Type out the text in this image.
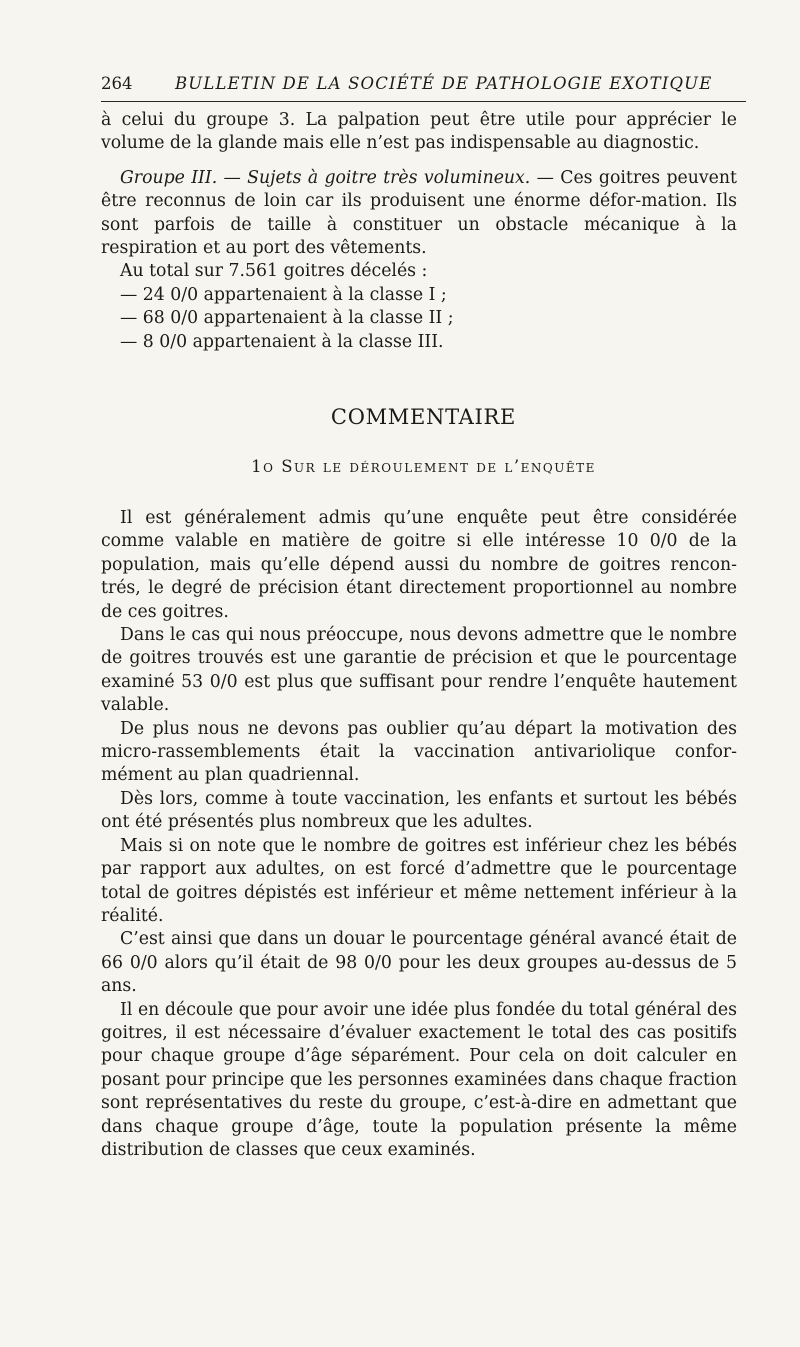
264	BULLETIN DE LA SOCIÉTÉ DE PATHOLOGIE EXOTIQUE

à celui du groupe 3. La palpation peut être utile pour apprécier le volume de la glande mais elle n’est pas indispensable au diagnostic.

Groupe III. — Sujets à goitre très volumineux. — Ces goitres peuvent être reconnus de loin car ils produisent une énorme défor-mation. Ils sont parfois de taille à constituer un obstacle mécanique à la respiration et au port des vêtements.

Au total sur 7.561 goitres décelés :

— 24 0/0 appartenaient à la classe I ;
— 68 0/0 appartenaient à la classe II ;
— 8 0/0 appartenaient à la classe III.
COMMENTAIRE
1o Sur le déroulement de l’enquête

Il est généralement admis qu’une enquête peut être considérée comme valable en matière de goitre si elle intéresse 10 0/0 de la population, mais qu’elle dépend aussi du nombre de goitres rencon-trés, le degré de précision étant directement proportionnel au nombre de ces goitres.

Dans le cas qui nous préoccupe, nous devons admettre que le nombre de goitres trouvés est une garantie de précision et que le pourcentage examiné 53 0/0 est plus que suffisant pour rendre l’enquête hautement valable.

De plus nous ne devons pas oublier qu’au départ la motivation des micro-rassemblements était la vaccination antivariolique confor-mément au plan quadriennal.

Dès lors, comme à toute vaccination, les enfants et surtout les bébés ont été présentés plus nombreux que les adultes.

Mais si on note que le nombre de goitres est inférieur chez les bébés par rapport aux adultes, on est forcé d’admettre que le pourcentage total de goitres dépistés est inférieur et même nettement inférieur à la réalité.

C’est ainsi que dans un douar le pourcentage général avancé était de 66 0/0 alors qu’il était de 98 0/0 pour les deux groupes au-dessus de 5 ans.

Il en découle que pour avoir une idée plus fondée du total général des goitres, il est nécessaire d’évaluer exactement le total des cas positifs pour chaque groupe d’âge séparément. Pour cela on doit calculer en posant pour principe que les personnes examinées dans chaque fraction sont représentatives du reste du groupe, c’est-à-dire en admettant que dans chaque groupe d’âge, toute la population présente la même distribution de classes que ceux examinés.
